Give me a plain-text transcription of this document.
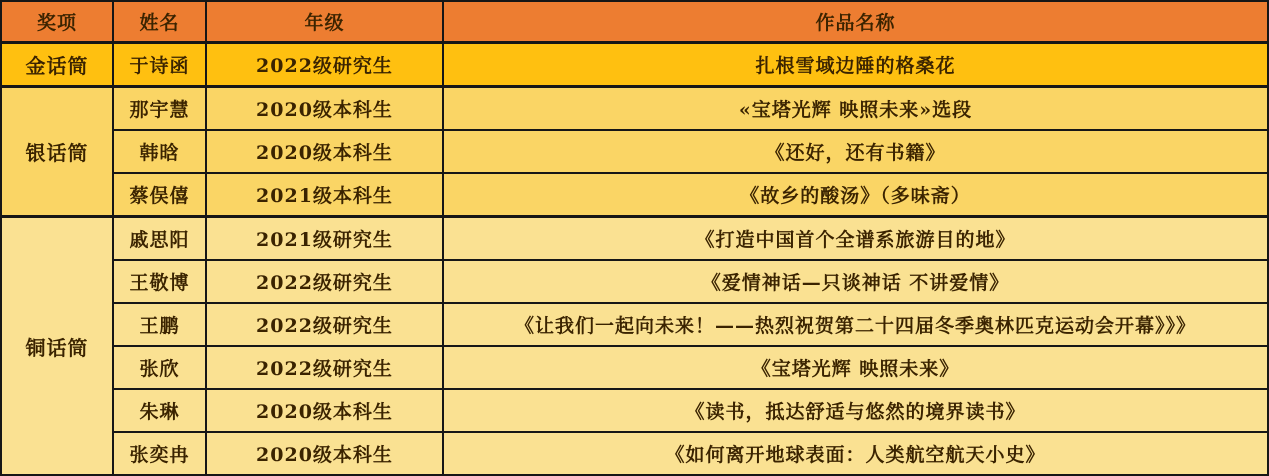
奖项	姓名	年级	作品名称
金话筒	于诗函	2022级研究生	扎根雪域边陲的格桑花
银话筒	那宇慧	2020级本科生	«宝塔光辉 映照未来»选段
	韩晗	2020级本科生	《还好，还有书籍》
	蔡俣僖	2021级本科生	《故乡的酸汤》（多味斋）
铜话筒	戚思阳	2021级研究生	《打造中国首个全谱系旅游目的地》
	王敬博	2022级研究生	《爱情神话—只谈神话 不讲爱情》
	王鹏	2022级研究生	《让我们一起向未来！——热烈祝贺第二十四届冬季奥林匹克运动会开幕》》》
	张欣	2022级研究生	《宝塔光辉 映照未来》
	朱琳	2020级本科生	《读书，抵达舒适与悠然的境界读书》
	张奕冉	2020级本科生	《如何离开地球表面：人类航空航天小史》
